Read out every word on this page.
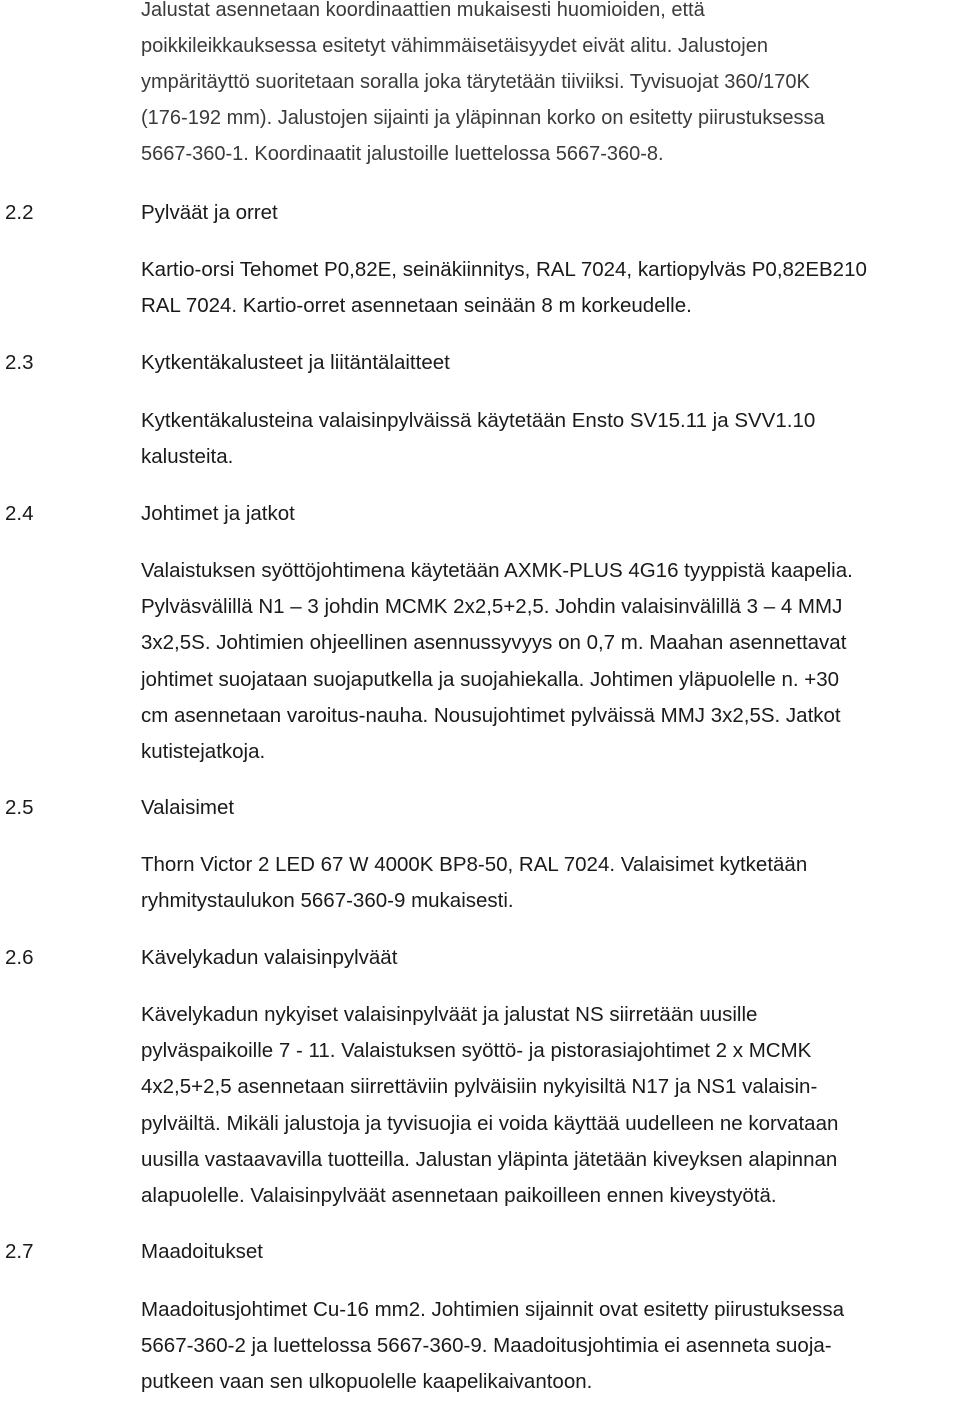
Jalustat asennetaan koordinaattien mukaisesti huomioiden, että
poikkileikkauksessa esitetyt vähimmäisetäisyydet eivät alitu. Jalustojen
ympäritäyttö suoritetaan soralla joka tärytetään tiiviiksi. Tyvisuojat 360/170K
(176-192 mm). Jalustojen sijainti ja yläpinnan korko on esitetty piirustuksessa
5667-360-1. Koordinaatit jalustoille luettelossa 5667-360-8.
2.2	Pylväät ja orret
Kartio-orsi Tehomet P0,82E, seinäkiinnitys, RAL 7024, kartiopylväs P0,82EB210
RAL 7024. Kartio-orret asennetaan seinään 8 m korkeudelle.
2.3	Kytkentäkalusteet ja liitäntälaitteet
Kytkentäkalusteina valaisinpylväissä käytetään Ensto SV15.11 ja SVV1.10
kalusteita.
2.4	Johtimet ja jatkot
Valaistuksen syöttöjohtimena käytetään AXMK-PLUS 4G16 tyyppistä kaapelia.
Pylväsvälillä N1 – 3 johdin MCMK 2x2,5+2,5. Johdin valaisinvälillä 3 – 4 MMJ
3x2,5S. Johtimien ohjeellinen asennussyvyys on 0,7 m. Maahan asennettavat
johtimet suojataan suojaputkella ja suojahiekalla. Johtimen yläpuolelle n. +30
cm asennetaan varoitus-nauha. Nousujohtimet pylväissä MMJ 3x2,5S. Jatkot
kutistejatkoja.
2.5	Valaisimet
Thorn Victor 2 LED 67 W 4000K BP8-50, RAL 7024. Valaisimet kytketään
ryhmitystaulukon 5667-360-9 mukaisesti.
2.6	Kävelykadun valaisinpylväät
Kävelykadun nykyiset valaisinpylväät ja jalustat NS siirretään uusille
pylväspaikoille 7 - 11. Valaistuksen syöttö- ja pistorasiajohtimet 2 x MCMK
4x2,5+2,5 asennetaan siirrettäviin pylväisiin nykyisiltä N17 ja NS1 valaisin-
pylväiltä. Mikäli jalustoja ja tyvisuojia ei voida käyttää uudelleen ne korvataan
uusilla vastaavavilla tuotteilla. Jalustan yläpinta jätetään kiveyksen alapinnan
alapuolelle. Valaisinpylväät asennetaan paikoilleen ennen kiveystyötä.
2.7	Maadoitukset
Maadoitusjohtimet Cu-16 mm2. Johtimien sijainnit ovat esitetty piirustuksessa
5667-360-2 ja luettelossa 5667-360-9. Maadoitusjohtimia ei asenneta suoja-
putkeen vaan sen ulkopuolelle kaapelikaivantoon.
